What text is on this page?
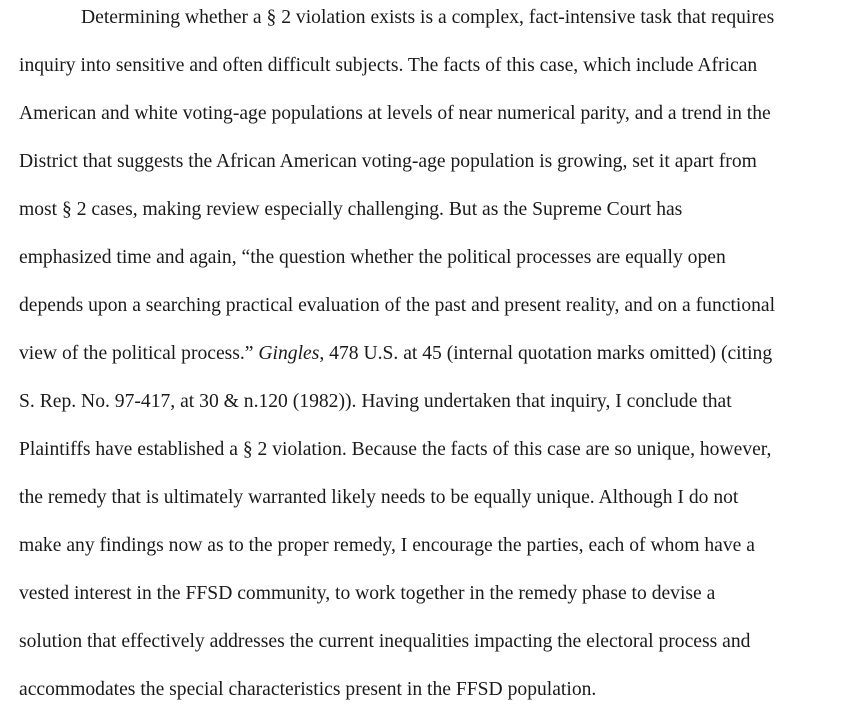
Determining whether a § 2 violation exists is a complex, fact-intensive task that requires
inquiry into sensitive and often difficult subjects. The facts of this case, which include African
American and white voting-age populations at levels of near numerical parity, and a trend in the
District that suggests the African American voting-age population is growing, set it apart from
most § 2 cases, making review especially challenging. But as the Supreme Court has
emphasized time and again, “the question whether the political processes are equally open
depends upon a searching practical evaluation of the past and present reality, and on a functional
view of the political process.” Gingles, 478 U.S. at 45 (internal quotation marks omitted) (citing
S. Rep. No. 97-417, at 30 & n.120 (1982)). Having undertaken that inquiry, I conclude that
Plaintiffs have established a § 2 violation. Because the facts of this case are so unique, however,
the remedy that is ultimately warranted likely needs to be equally unique. Although I do not
make any findings now as to the proper remedy, I encourage the parties, each of whom have a
vested interest in the FFSD community, to work together in the remedy phase to devise a
solution that effectively addresses the current inequalities impacting the electoral process and
accommodates the special characteristics present in the FFSD population.
